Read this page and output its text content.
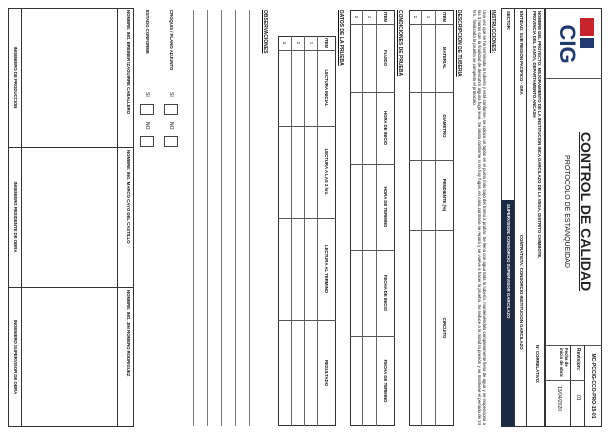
CIG
CONTROL DE CALIDAD
PROTOCOLO DE ESTANQUEIDAD
MC-PCCIG-CCO-PRO-15-01
Revision:
01
Fecha de inicio de obra:
13/04/2020
NOMBRE DEL PROYECTO: MEJORAMIENTO DE LA INSTITUCION INCA GARCILAZO DE LA VEGA, DISTRITO CHIMBOTE, PROVINCIA DEL SANTA, DEPARTAMENTO ANCASH
N° CORRELATIVO:
ENTIDAD: SUB REGION PACIFICO - GRA
CONTRATISTA: CONSORCIO INSTITUCION GARCILAZO
SECTOR:
SUPERVISION: CONSORCIO SUPERVISOR GARCILAZO
INSTRUCCIONES:
Una vez que se ha terminado la tubería y está conforme, se coloca un tapón en el punto más bajo del tramo a probar. Se llena con agua toda la tubería, manteniéndola completamente llena de agua y se inspecciona a las 3 horas con la finalidad de descubrir alguna fuga leve. Se anota conforme si no hay fugas, en caso contrario se repara y se vuelve a hacer la prueba. Se reduce a la mitad la presión y se mantiene el período de 24 hrs., finalizada la prueba se completa el protocolo.
DESCRIPCION DE TUBERIA
ITEM
MATERIAL
DIAMETRO
PENDIENTE (%)
CIRCUITO
1
2
CONDICIONES DE PRUEBA
ITEM
FLUIDO
HORA DE INICIO
HORA DE TERMINO
FECHA DE INICIO
FECHA DE TERMINO
1
2
DATOS DE LA PRUEBA
ITEM
LECTURA INICIAL
LECTURA A LAS 3 hrs.
LECTURA AL TERMINO
RESULTADO
1
2
3
OBSERVACIONES
CROQUIS / PLANO ADJUNTO
SI
NO
ESTADO CONFORME
SI
NO
NOMBRE: ING. BREINER IZAGUIRRE CABALLERO
NOMBRE: ING. MARCO CAYO DEL CASTILLO
NOMBRE: ING. JIM ROMERO RODRIGUEZ
INGENIERO DE PRODUCCION
INGENIERO RESIDENTE DE OBRA
INGENIERO SUPERVISOR DE OBRA
